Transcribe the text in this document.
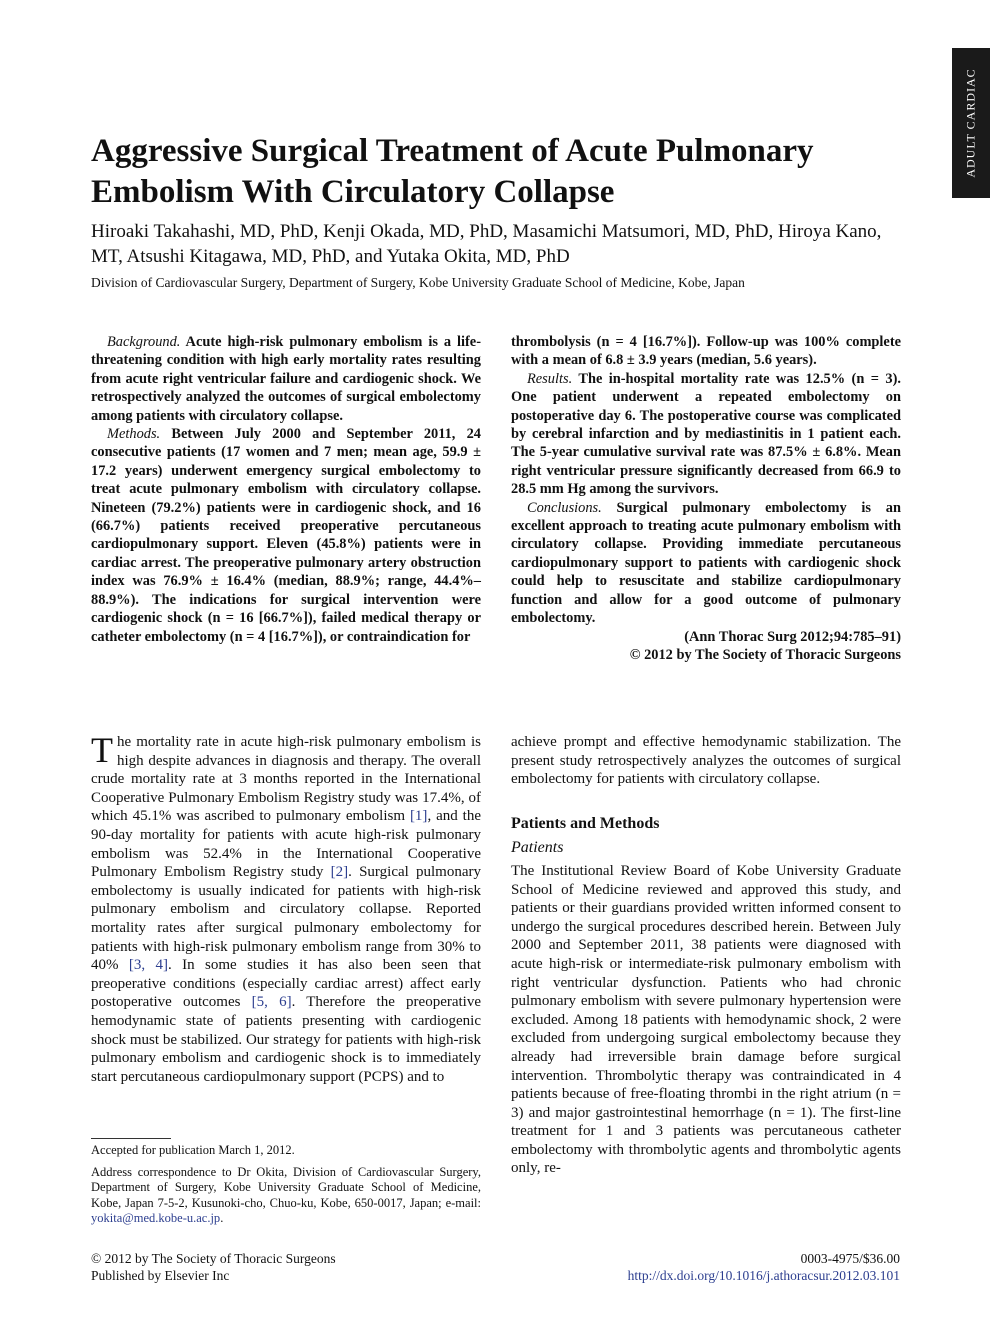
ADULT CARDIAC
Aggressive Surgical Treatment of Acute Pulmonary Embolism With Circulatory Collapse

Hiroaki Takahashi, MD, PhD, Kenji Okada, MD, PhD, Masamichi Matsumori, MD, PhD, Hiroya Kano, MT, Atsushi Kitagawa, MD, PhD, and Yutaka Okita, MD, PhD

Division of Cardiovascular Surgery, Department of Surgery, Kobe University Graduate School of Medicine, Kobe, Japan

Background. Acute high-risk pulmonary embolism is a life-threatening condition with high early mortality rates resulting from acute right ventricular failure and cardiogenic shock. We retrospectively analyzed the outcomes of surgical embolectomy among patients with circulatory collapse.

Methods. Between July 2000 and September 2011, 24 consecutive patients (17 women and 7 men; mean age, 59.9 ± 17.2 years) underwent emergency surgical embolectomy to treat acute pulmonary embolism with circulatory collapse. Nineteen (79.2%) patients were in cardiogenic shock, and 16 (66.7%) patients received preoperative percutaneous cardiopulmonary support. Eleven (45.8%) patients were in cardiac arrest. The preoperative pulmonary artery obstruction index was 76.9% ± 16.4% (median, 88.9%; range, 44.4%–88.9%). The indications for surgical intervention were cardiogenic shock (n = 16 [66.7%]), failed medical therapy or catheter embolectomy (n = 4 [16.7%]), or contraindication for

thrombolysis (n = 4 [16.7%]). Follow-up was 100% complete with a mean of 6.8 ± 3.9 years (median, 5.6 years).

Results. The in-hospital mortality rate was 12.5% (n = 3). One patient underwent a repeated embolectomy on postoperative day 6. The postoperative course was complicated by cerebral infarction and by mediastinitis in 1 patient each. The 5-year cumulative survival rate was 87.5% ± 6.8%. Mean right ventricular pressure significantly decreased from 66.9 to 28.5 mm Hg among the survivors.

Conclusions. Surgical pulmonary embolectomy is an excellent approach to treating acute pulmonary embolism with circulatory collapse. Providing immediate percutaneous cardiopulmonary support to patients with cardiogenic shock could help to resuscitate and stabilize cardiopulmonary function and allow for a good outcome of pulmonary embolectomy.

(Ann Thorac Surg 2012;94:785–91)
© 2012 by The Society of Thoracic Surgeons

The mortality rate in acute high-risk pulmonary embolism is high despite advances in diagnosis and therapy. The overall crude mortality rate at 3 months reported in the International Cooperative Pulmonary Embolism Registry study was 17.4%, of which 45.1% was ascribed to pulmonary embolism [1], and the 90-day mortality for patients with acute high-risk pulmonary embolism was 52.4% in the International Cooperative Pulmonary Embolism Registry study [2]. Surgical pulmonary embolectomy is usually indicated for patients with high-risk pulmonary embolism and circulatory collapse. Reported mortality rates after surgical pulmonary embolectomy for patients with high-risk pulmonary embolism range from 30% to 40% [3, 4]. In some studies it has also been seen that preoperative conditions (especially cardiac arrest) affect early postoperative outcomes [5, 6]. Therefore the preoperative hemodynamic state of patients presenting with cardiogenic shock must be stabilized. Our strategy for patients with high-risk pulmonary embolism and cardiogenic shock is to immediately start percutaneous cardiopulmonary support (PCPS) and to

achieve prompt and effective hemodynamic stabilization. The present study retrospectively analyzes the outcomes of surgical embolectomy for patients with circulatory collapse.

Patients and Methods

Patients

The Institutional Review Board of Kobe University Graduate School of Medicine reviewed and approved this study, and patients or their guardians provided written informed consent to undergo the surgical procedures described herein. Between July 2000 and September 2011, 38 patients were diagnosed with acute high-risk or intermediate-risk pulmonary embolism with right ventricular dysfunction. Patients who had chronic pulmonary embolism with severe pulmonary hypertension were excluded. Among 18 patients with hemodynamic shock, 2 were excluded from undergoing surgical embolectomy because they already had irreversible brain damage before surgical intervention. Thrombolytic therapy was contraindicated in 4 patients because of free-floating thrombi in the right atrium (n = 3) and major gastrointestinal hemorrhage (n = 1). The first-line treatment for 1 and 3 patients was percutaneous catheter embolectomy with thrombolytic agents and thrombolytic agents only, re-

Accepted for publication March 1, 2012.

Address correspondence to Dr Okita, Division of Cardiovascular Surgery, Department of Surgery, Kobe University Graduate School of Medicine, Kobe, Japan 7-5-2, Kusunoki-cho, Chuo-ku, Kobe, 650-0017, Japan; e-mail: yokita@med.kobe-u.ac.jp.

© 2012 by The Society of Thoracic Surgeons
Published by Elsevier Inc
0003-4975/$36.00
http://dx.doi.org/10.1016/j.athoracsur.2012.03.101
